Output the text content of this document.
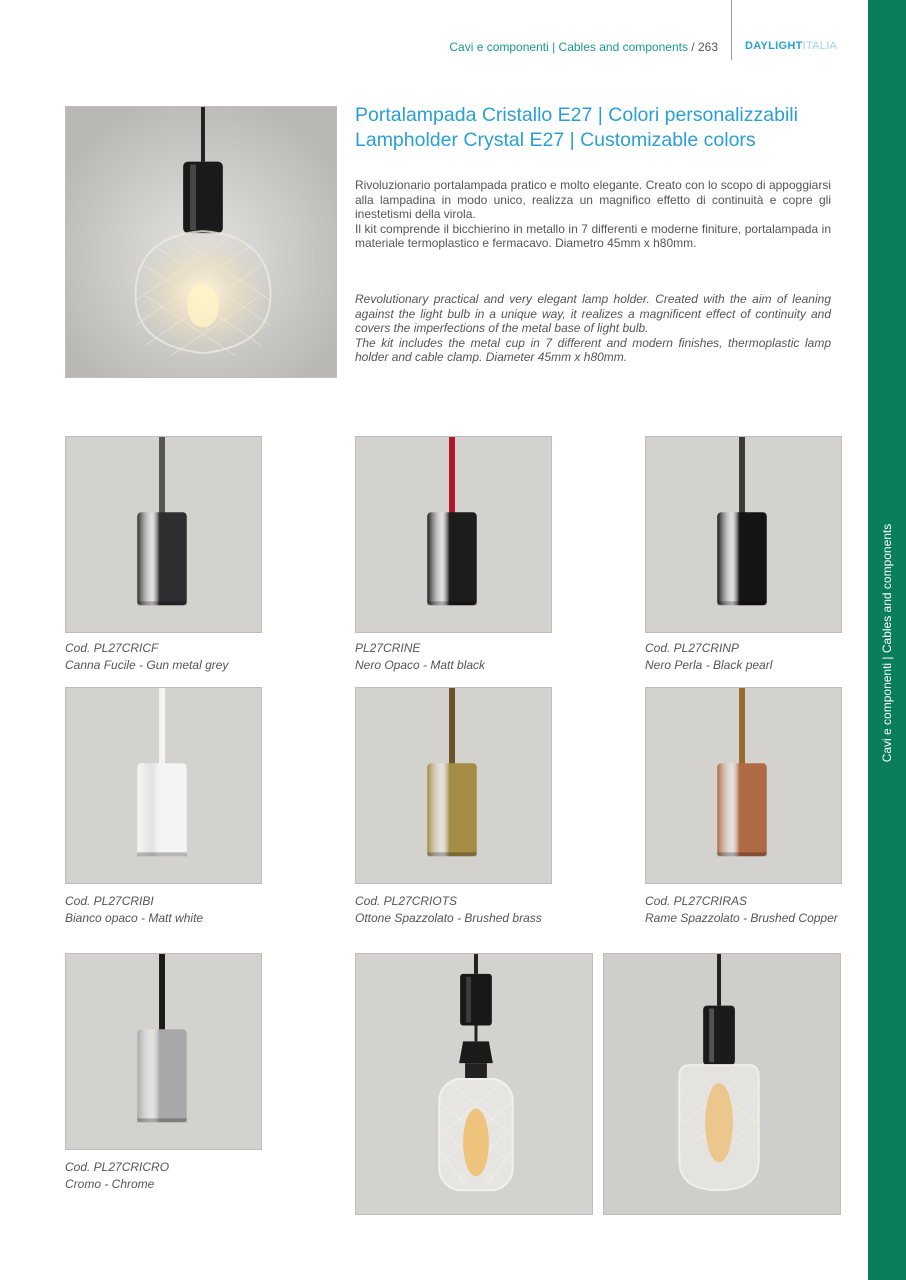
Cavi e componenti | Cables and components / 263 DAYLIGHTITALIA
Cavi e componenti | Cables and components
Portalampada Cristallo E27 | Colori personalizzabili
Lampholder Crystal E27 | Customizable colors

Rivoluzionario portalampada pratico e molto elegante. Creato con lo scopo di appoggiarsi alla lampadina in modo unico, realizza un magnifico effetto di continuità e copre gli inestetismi della virola.

Il kit comprende il bicchierino in metallo in 7 differenti e moderne finiture, portalampada in materiale termoplastico e fermacavo. Diametro 45mm x h80mm.

Revolutionary practical and very elegant lamp holder. Created with the aim of leaning against the light bulb in a unique way, it realizes a magnificent effect of continuity and covers the imperfections of the metal base of light bulb.

The kit includes the metal cup in 7 different and modern finishes, thermoplastic lamp holder and cable clamp. Diameter 45mm x h80mm.

Cod. PL27CRICF
Canna Fucile - Gun metal grey
PL27CRINE
Nero Opaco - Matt black
Cod. PL27CRINP
Nero Perla - Black pearl
Cod. PL27CRIBI
Bianco opaco - Matt white
Cod. PL27CRIOTS
Ottone Spazzolato - Brushed brass
Cod. PL27CRIRAS
Rame Spazzolato - Brushed Copper
Cod. PL27CRICRO
Cromo - Chrome
